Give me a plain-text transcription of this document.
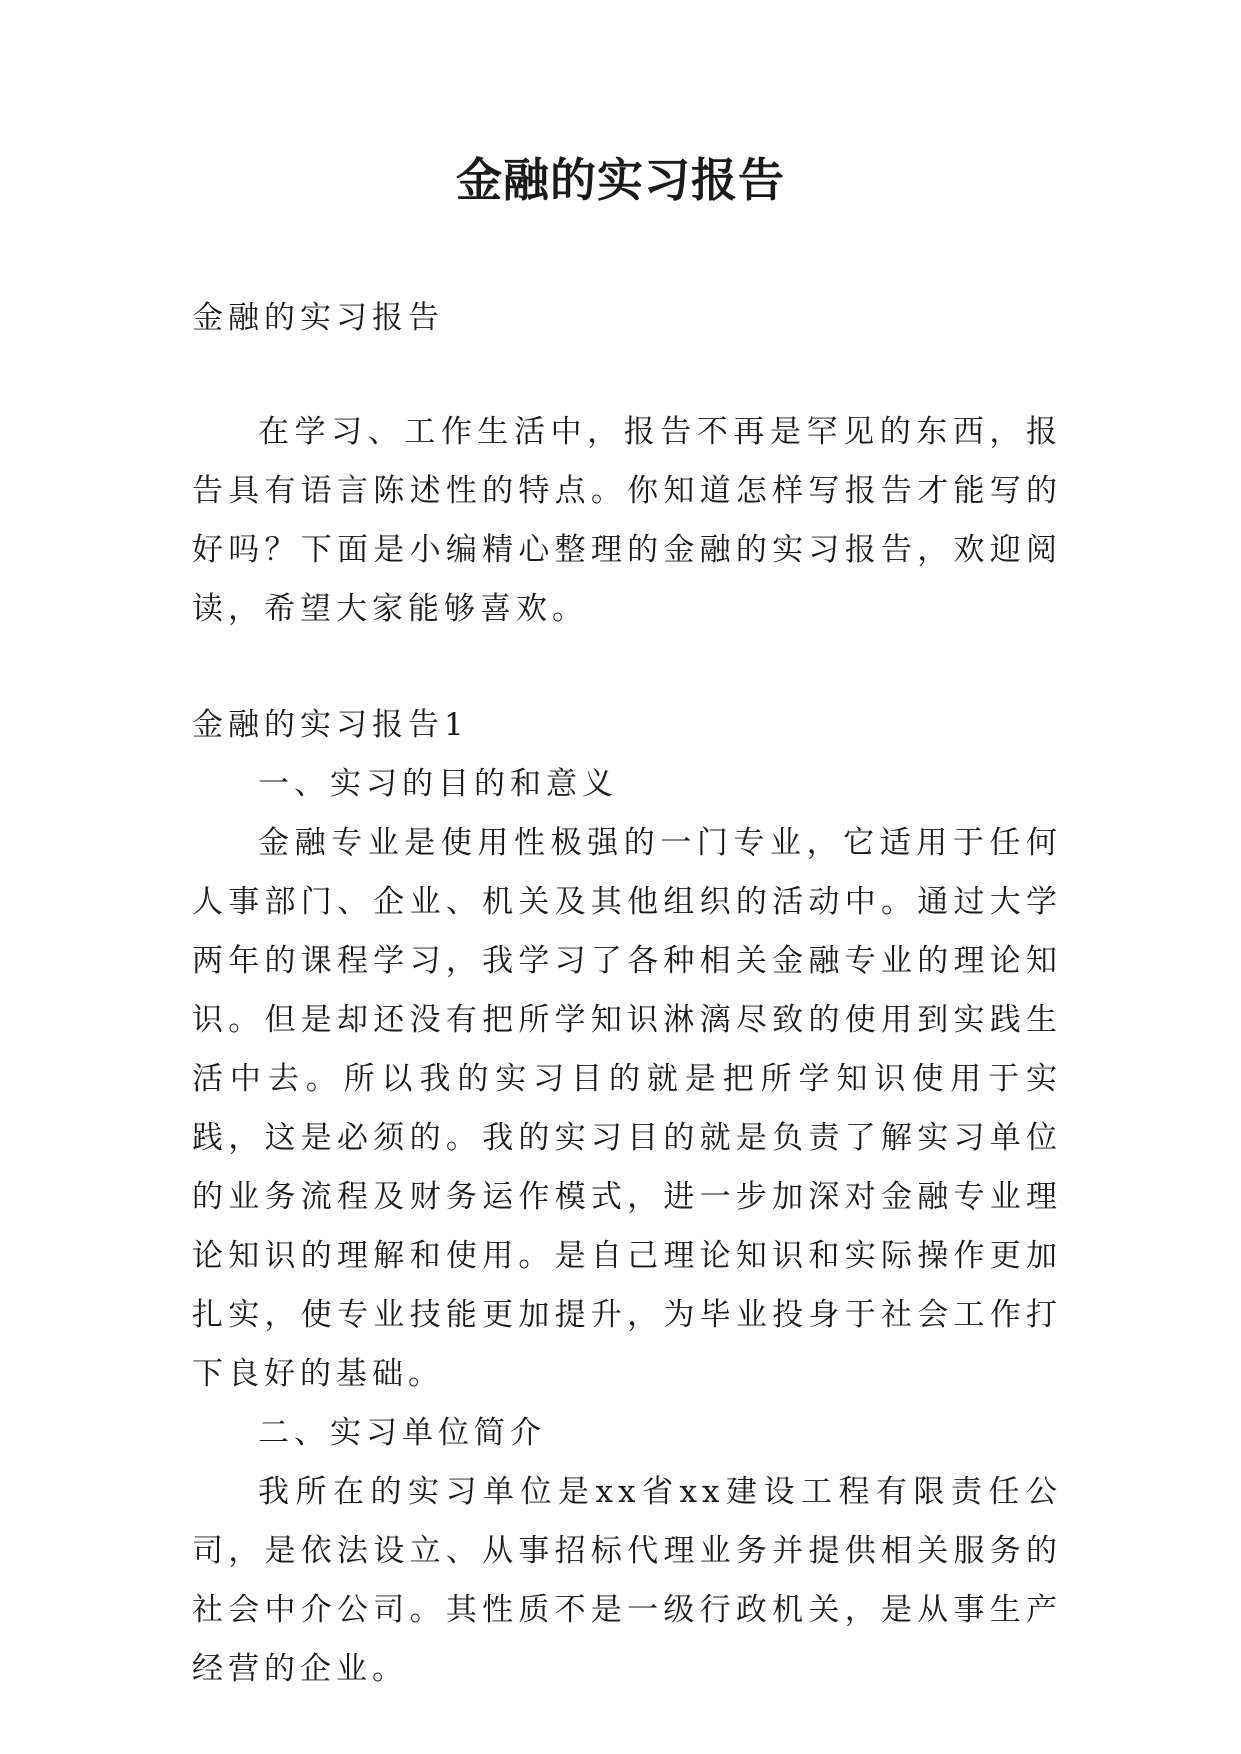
金融的实习报告
金融的实习报告
在学习、工作生活中，报告不再是罕见的东西，报告具有语言陈述性的特点。你知道怎样写报告才能写的好吗？下面是小编精心整理的金融的实习报告，欢迎阅读，希望大家能够喜欢。

金融的实习报告1

一、实习的目的和意义

金融专业是使用性极强的一门专业，它适用于任何人事部门、企业、机关及其他组织的活动中。通过大学两年的课程学习，我学习了各种相关金融专业的理论知识。但是却还没有把所学知识淋漓尽致的使用到实践生活中去。所以我的实习目的就是把所学知识使用于实践，这是必须的。我的实习目的就是负责了解实习单位的业务流程及财务运作模式，进一步加深对金融专业理论知识的理解和使用。是自己理论知识和实际操作更加扎实，使专业技能更加提升，为毕业投身于社会工作打下良好的基础。

二、实习单位简介

我所在的实习单位是xx省xx建设工程有限责任公司，是依法设立、从事招标代理业务并提供相关服务的社会中介公司。其性质不是一级行政机关，是从事生产经营的企业。
